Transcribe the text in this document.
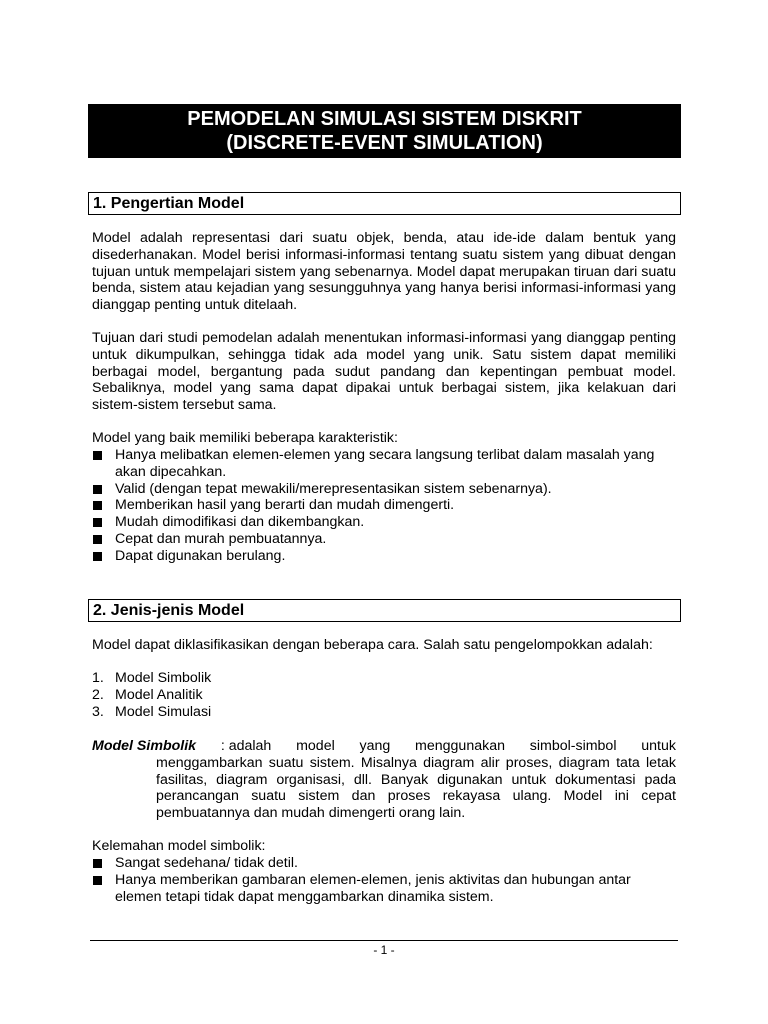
PEMODELAN SIMULASI SISTEM DISKRIT
(DISCRETE-EVENT SIMULATION)
1. Pengertian Model
Model adalah representasi dari suatu objek, benda, atau ide-ide dalam bentuk yang disederhanakan. Model berisi informasi-informasi tentang suatu sistem yang dibuat dengan tujuan untuk mempelajari sistem yang sebenarnya. Model dapat merupakan tiruan dari suatu benda, sistem atau kejadian yang sesungguhnya yang hanya berisi informasi-informasi yang dianggap penting untuk ditelaah.
Tujuan dari studi pemodelan adalah menentukan informasi-informasi yang dianggap penting untuk dikumpulkan, sehingga tidak ada model yang unik. Satu sistem dapat memiliki berbagai model, bergantung pada sudut pandang dan kepentingan pembuat model. Sebaliknya, model yang sama dapat dipakai untuk berbagai sistem, jika kelakuan dari sistem-sistem tersebut sama.
Model yang baik memiliki beberapa karakteristik:
Hanya melibatkan elemen-elemen yang secara langsung terlibat dalam masalah yang akan dipecahkan.
Valid (dengan tepat mewakili/merepresentasikan sistem sebenarnya).
Memberikan hasil yang berarti dan mudah dimengerti.
Mudah dimodifikasi dan dikembangkan.
Cepat dan murah pembuatannya.
Dapat digunakan berulang.
2. Jenis-jenis Model
Model dapat diklasifikasikan dengan beberapa cara. Salah satu pengelompokkan adalah:
1. Model Simbolik
2. Model Analitik
3. Model Simulasi
Model Simbolik : adalah model yang menggunakan simbol-simbol untuk
menggambarkan suatu sistem. Misalnya diagram alir proses, diagram tata letak fasilitas, diagram organisasi, dll. Banyak digunakan untuk dokumentasi pada perancangan suatu sistem dan proses rekayasa ulang. Model ini cepat pembuatannya dan mudah dimengerti orang lain.
Kelemahan model simbolik:
Sangat sedehana/ tidak detil.
Hanya memberikan gambaran elemen-elemen, jenis aktivitas dan hubungan antar elemen tetapi tidak dapat menggambarkan dinamika sistem.
- 1 -
